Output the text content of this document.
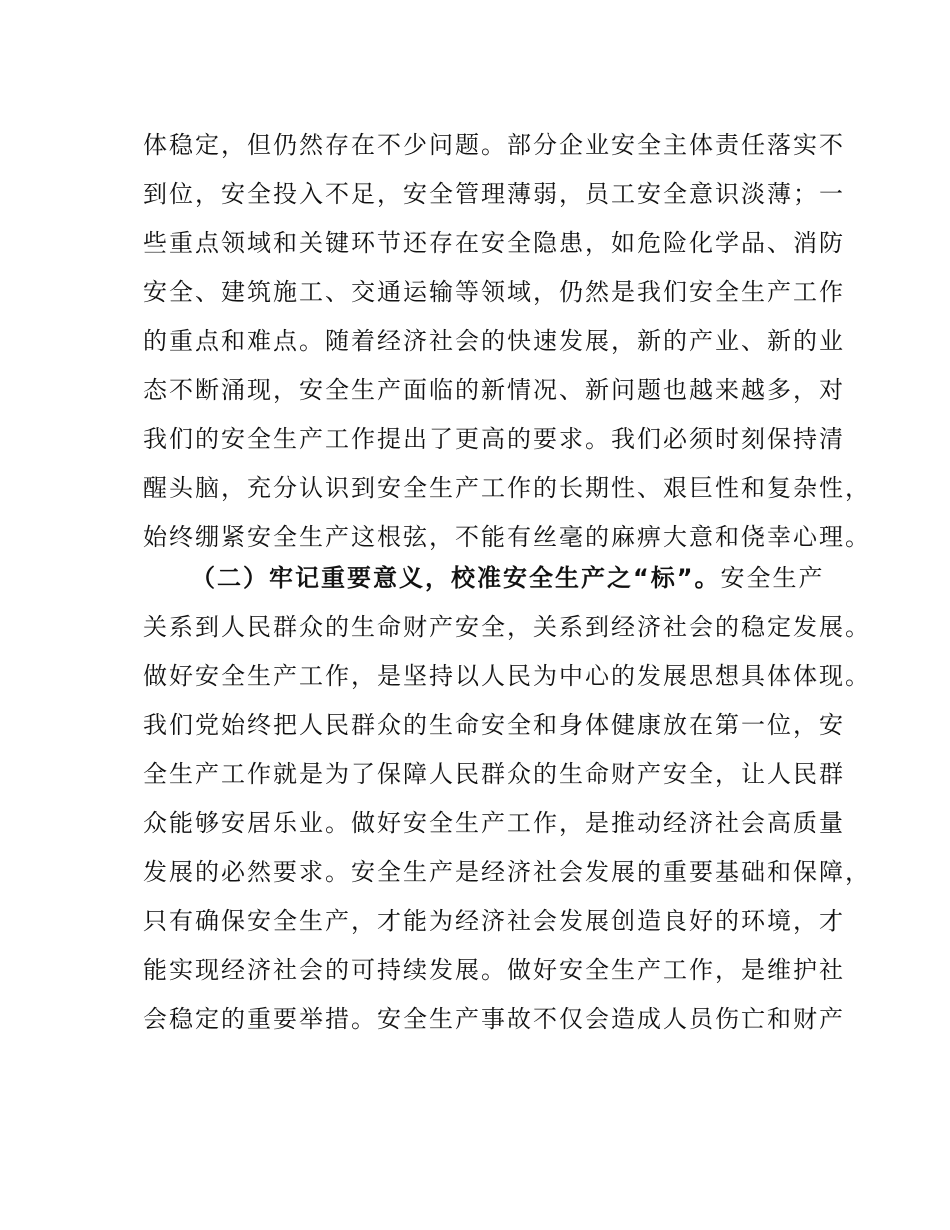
体稳定，但仍然存在不少问题。部分企业安全主体责任落实不
到位，安全投入不足，安全管理薄弱，员工安全意识淡薄；一
些重点领域和关键环节还存在安全隐患，如危险化学品、消防
安全、建筑施工、交通运输等领域，仍然是我们安全生产工作
的重点和难点。随着经济社会的快速发展，新的产业、新的业
态不断涌现，安全生产面临的新情况、新问题也越来越多，对
我们的安全生产工作提出了更高的要求。我们必须时刻保持清
醒头脑，充分认识到安全生产工作的长期性、艰巨性和复杂性，
始终绷紧安全生产这根弦，不能有丝毫的麻痹大意和侥幸心理。
（二）牢记重要意义，校准安全生产之“标”。安全生产
关系到人民群众的生命财产安全，关系到经济社会的稳定发展。
做好安全生产工作，是坚持以人民为中心的发展思想具体体现。
我们党始终把人民群众的生命安全和身体健康放在第一位，安
全生产工作就是为了保障人民群众的生命财产安全，让人民群
众能够安居乐业。做好安全生产工作，是推动经济社会高质量
发展的必然要求。安全生产是经济社会发展的重要基础和保障，
只有确保安全生产，才能为经济社会发展创造良好的环境，才
能实现经济社会的可持续发展。做好安全生产工作，是维护社
会稳定的重要举措。安全生产事故不仅会造成人员伤亡和财产
